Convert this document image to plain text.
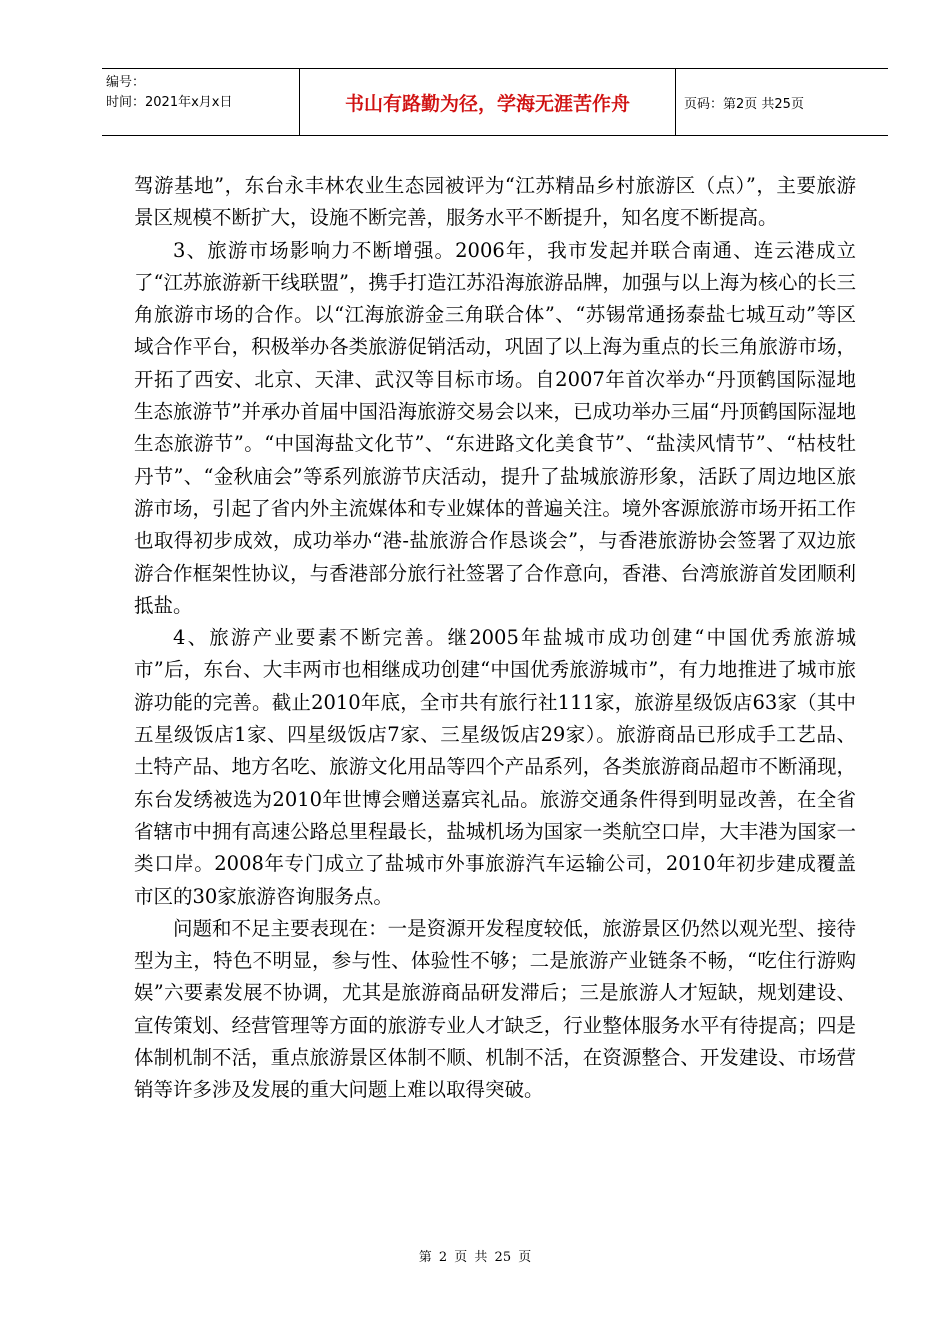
编号：
时间：2021年x月x日	书山有路勤为径，学海无涯苦作舟	页码：第2页 共25页

驾游基地”，东台永丰林农业生态园被评为“江苏精品乡村旅游区（点）”，主要旅游景区规模不断扩大，设施不断完善，服务水平不断提升，知名度不断提高。

3、旅游市场影响力不断增强。2006年，我市发起并联合南通、连云港成立了“江苏旅游新干线联盟”，携手打造江苏沿海旅游品牌，加强与以上海为核心的长三角旅游市场的合作。以“江海旅游金三角联合体”、“苏锡常通扬泰盐七城互动”等区域合作平台，积极举办各类旅游促销活动，巩固了以上海为重点的长三角旅游市场，开拓了西安、北京、天津、武汉等目标市场。自2007年首次举办“丹顶鹤国际湿地生态旅游节”并承办首届中国沿海旅游交易会以来，已成功举办三届“丹顶鹤国际湿地生态旅游节”。“中国海盐文化节”、“东进路文化美食节”、“盐渎风情节”、“枯枝牡丹节”、“金秋庙会”等系列旅游节庆活动，提升了盐城旅游形象，活跃了周边地区旅游市场，引起了省内外主流媒体和专业媒体的普遍关注。境外客源旅游市场开拓工作也取得初步成效，成功举办“港-盐旅游合作恳谈会”，与香港旅游协会签署了双边旅游合作框架性协议，与香港部分旅行社签署了合作意向，香港、台湾旅游首发团顺利抵盐。

4、旅游产业要素不断完善。继2005年盐城市成功创建“中国优秀旅游城市”后，东台、大丰两市也相继成功创建“中国优秀旅游城市”，有力地推进了城市旅游功能的完善。截止2010年底，全市共有旅行社111家，旅游星级饭店63家（其中五星级饭店1家、四星级饭店7家、三星级饭店29家）。旅游商品已形成手工艺品、土特产品、地方名吃、旅游文化用品等四个产品系列，各类旅游商品超市不断涌现，东台发绣被选为2010年世博会赠送嘉宾礼品。旅游交通条件得到明显改善，在全省省辖市中拥有高速公路总里程最长，盐城机场为国家一类航空口岸，大丰港为国家一类口岸。2008年专门成立了盐城市外事旅游汽车运输公司，2010年初步建成覆盖市区的30家旅游咨询服务点。

问题和不足主要表现在：一是资源开发程度较低，旅游景区仍然以观光型、接待型为主，特色不明显，参与性、体验性不够；二是旅游产业链条不畅，“吃住行游购娱”六要素发展不协调，尤其是旅游商品研发滞后；三是旅游人才短缺，规划建设、宣传策划、经营管理等方面的旅游专业人才缺乏，行业整体服务水平有待提高；四是体制机制不活，重点旅游景区体制不顺、机制不活，在资源整合、开发建设、市场营销等许多涉及发展的重大问题上难以取得突破。

第 2 页 共 25 页
